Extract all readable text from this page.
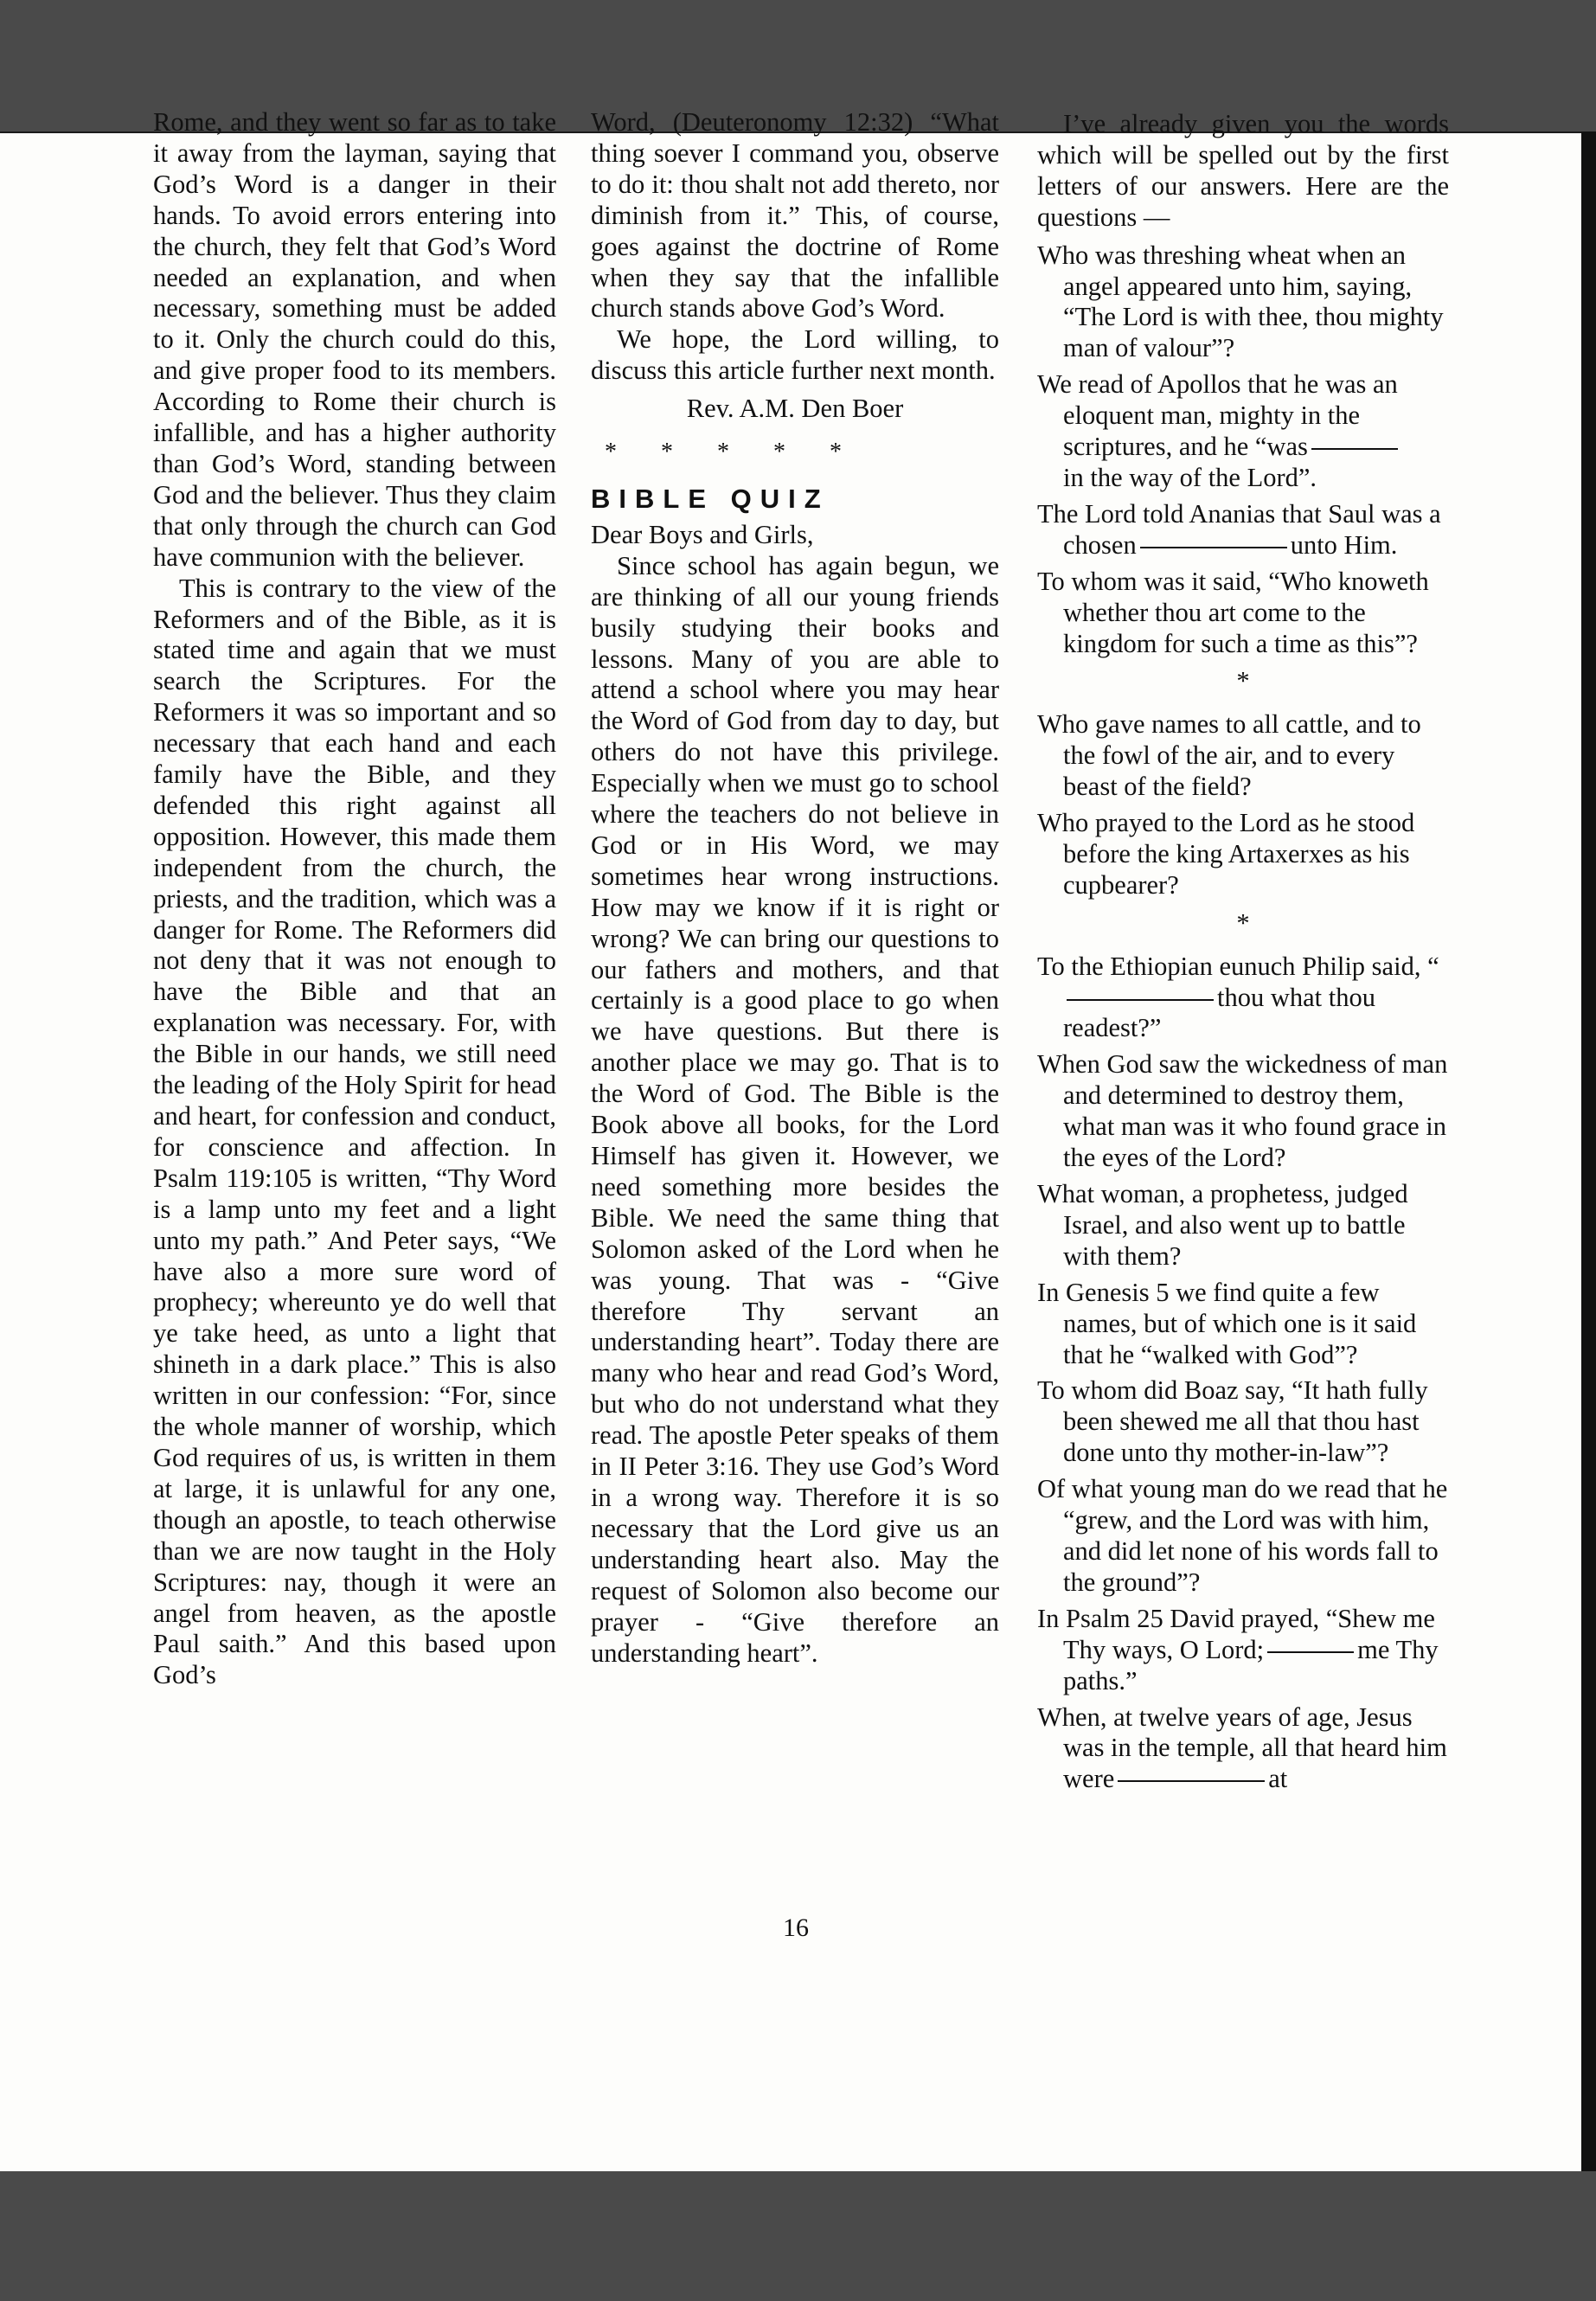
Rome, and they went so far as to take it away from the layman, saying that God’s Word is a danger in their hands. To avoid errors entering into the church, they felt that God’s Word needed an explanation, and when necessary, something must be added to it. Only the church could do this, and give proper food to its members. According to Rome their church is infallible, and has a higher authority than God’s Word, standing between God and the believer. Thus they claim that only through the church can God have communion with the believer.

This is contrary to the view of the Reformers and of the Bible, as it is stated time and again that we must search the Scriptures. For the Reformers it was so important and so necessary that each hand and each family have the Bible, and they defended this right against all opposition. However, this made them independent from the church, the priests, and the tradition, which was a danger for Rome. The Reformers did not deny that it was not enough to have the Bible and that an explanation was necessary. For, with the Bible in our hands, we still need the leading of the Holy Spirit for head and heart, for confession and conduct, for conscience and affection. In Psalm 119:105 is written, “Thy Word is a lamp unto my feet and a light unto my path.” And Peter says, “We have also a more sure word of prophecy; whereunto ye do well that ye take heed, as unto a light that shineth in a dark place.” This is also written in our confession: “For, since the whole manner of worship, which God requires of us, is written in them at large, it is unlawful for any one, though an apostle, to teach otherwise than we are now taught in the Holy Scriptures: nay, though it were an angel from heaven, as the apostle Paul saith.” And this based upon God’s

Word, (Deuteronomy 12:32) “What thing soever I command you, observe to do it: thou shalt not add thereto, nor diminish from it.” This, of course, goes against the doctrine of Rome when they say that the infallible church stands above God’s Word.

We hope, the Lord willing, to discuss this article further next month.

Rev. A.M. Den Boer

* * * * *

BIBLE QUIZ

Dear Boys and Girls,

Since school has again begun, we are thinking of all our young friends busily studying their books and lessons. Many of you are able to attend a school where you may hear the Word of God from day to day, but others do not have this privilege. Especially when we must go to school where the teachers do not believe in God or in His Word, we may sometimes hear wrong instructions. How may we know if it is right or wrong? We can bring our questions to our fathers and mothers, and that certainly is a good place to go when we have questions. But there is another place we may go. That is to the Word of God. The Bible is the Book above all books, for the Lord Himself has given it. However, we need something more besides the Bible. We need the same thing that Solomon asked of the Lord when he was young. That was - “Give therefore Thy servant an understanding heart”. Today there are many who hear and read God’s Word, but who do not understand what they read. The apostle Peter speaks of them in II Peter 3:16. They use God’s Word in a wrong way. Therefore it is so necessary that the Lord give us an understanding heart also. May the request of Solomon also become our prayer - “Give therefore an understanding heart”.

I’ve already given you the words which will be spelled out by the first letters of our answers. Here are the questions —

Who was threshing wheat when an angel appeared unto him, saying, “The Lord is with thee, thou mighty man of valour”?

We read of Apollos that he was an eloquent man, mighty in the scriptures, and he “was
in the way of the Lord”.

The Lord told Ananias that Saul was a chosen	unto Him.

To whom was it said, “Who knoweth whether thou art come to the kingdom for such a time as this”?

*

Who gave names to all cattle, and to the fowl of the air, and to every beast of the field?

Who prayed to the Lord as he stood before the king Artaxerxes as his cupbearer?

*

To the Ethiopian eunuch Philip said, “thou what thou readest?”

When God saw the wickedness of man and determined to destroy them, what man was it who found grace in the eyes of the Lord?

What woman, a prophetess, judged Israel, and also went up to battle with them?

In Genesis 5 we find quite a few names, but of which one is it said that he “walked with God”?

To whom did Boaz say, “It hath fully been shewed me all that thou hast done unto thy mother-in-law”?

Of what young man do we read that he “grew, and the Lord was with him, and did let none of his words fall to the ground”?

In Psalm 25 David prayed, “Shew me Thy ways, O Lord;	me Thy paths.”

When, at twelve years of age, Jesus was in the temple, all that heard him were	at

16
